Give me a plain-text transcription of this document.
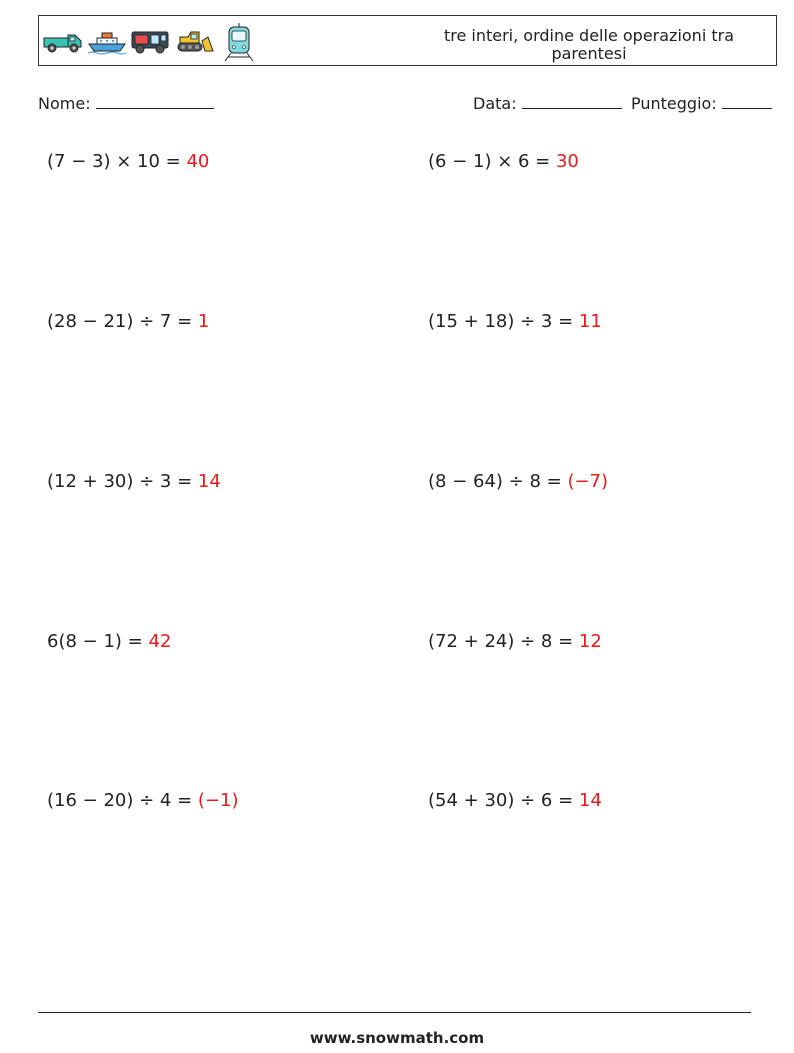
tre interi, ordine delle operazioni tra parentesi
Nome:	Data:	Punteggio:
(7 − 3) × 10 = 40	(6 − 1) × 6 = 30
(28 − 21) ÷ 7 = 1	(15 + 18) ÷ 3 = 11
(12 + 30) ÷ 3 = 14	(8 − 64) ÷ 8 = (−7)
6(8 − 1) = 42	(72 + 24) ÷ 8 = 12
(16 − 20) ÷ 4 = (−1)	(54 + 30) ÷ 6 = 14
www.snowmath.com
